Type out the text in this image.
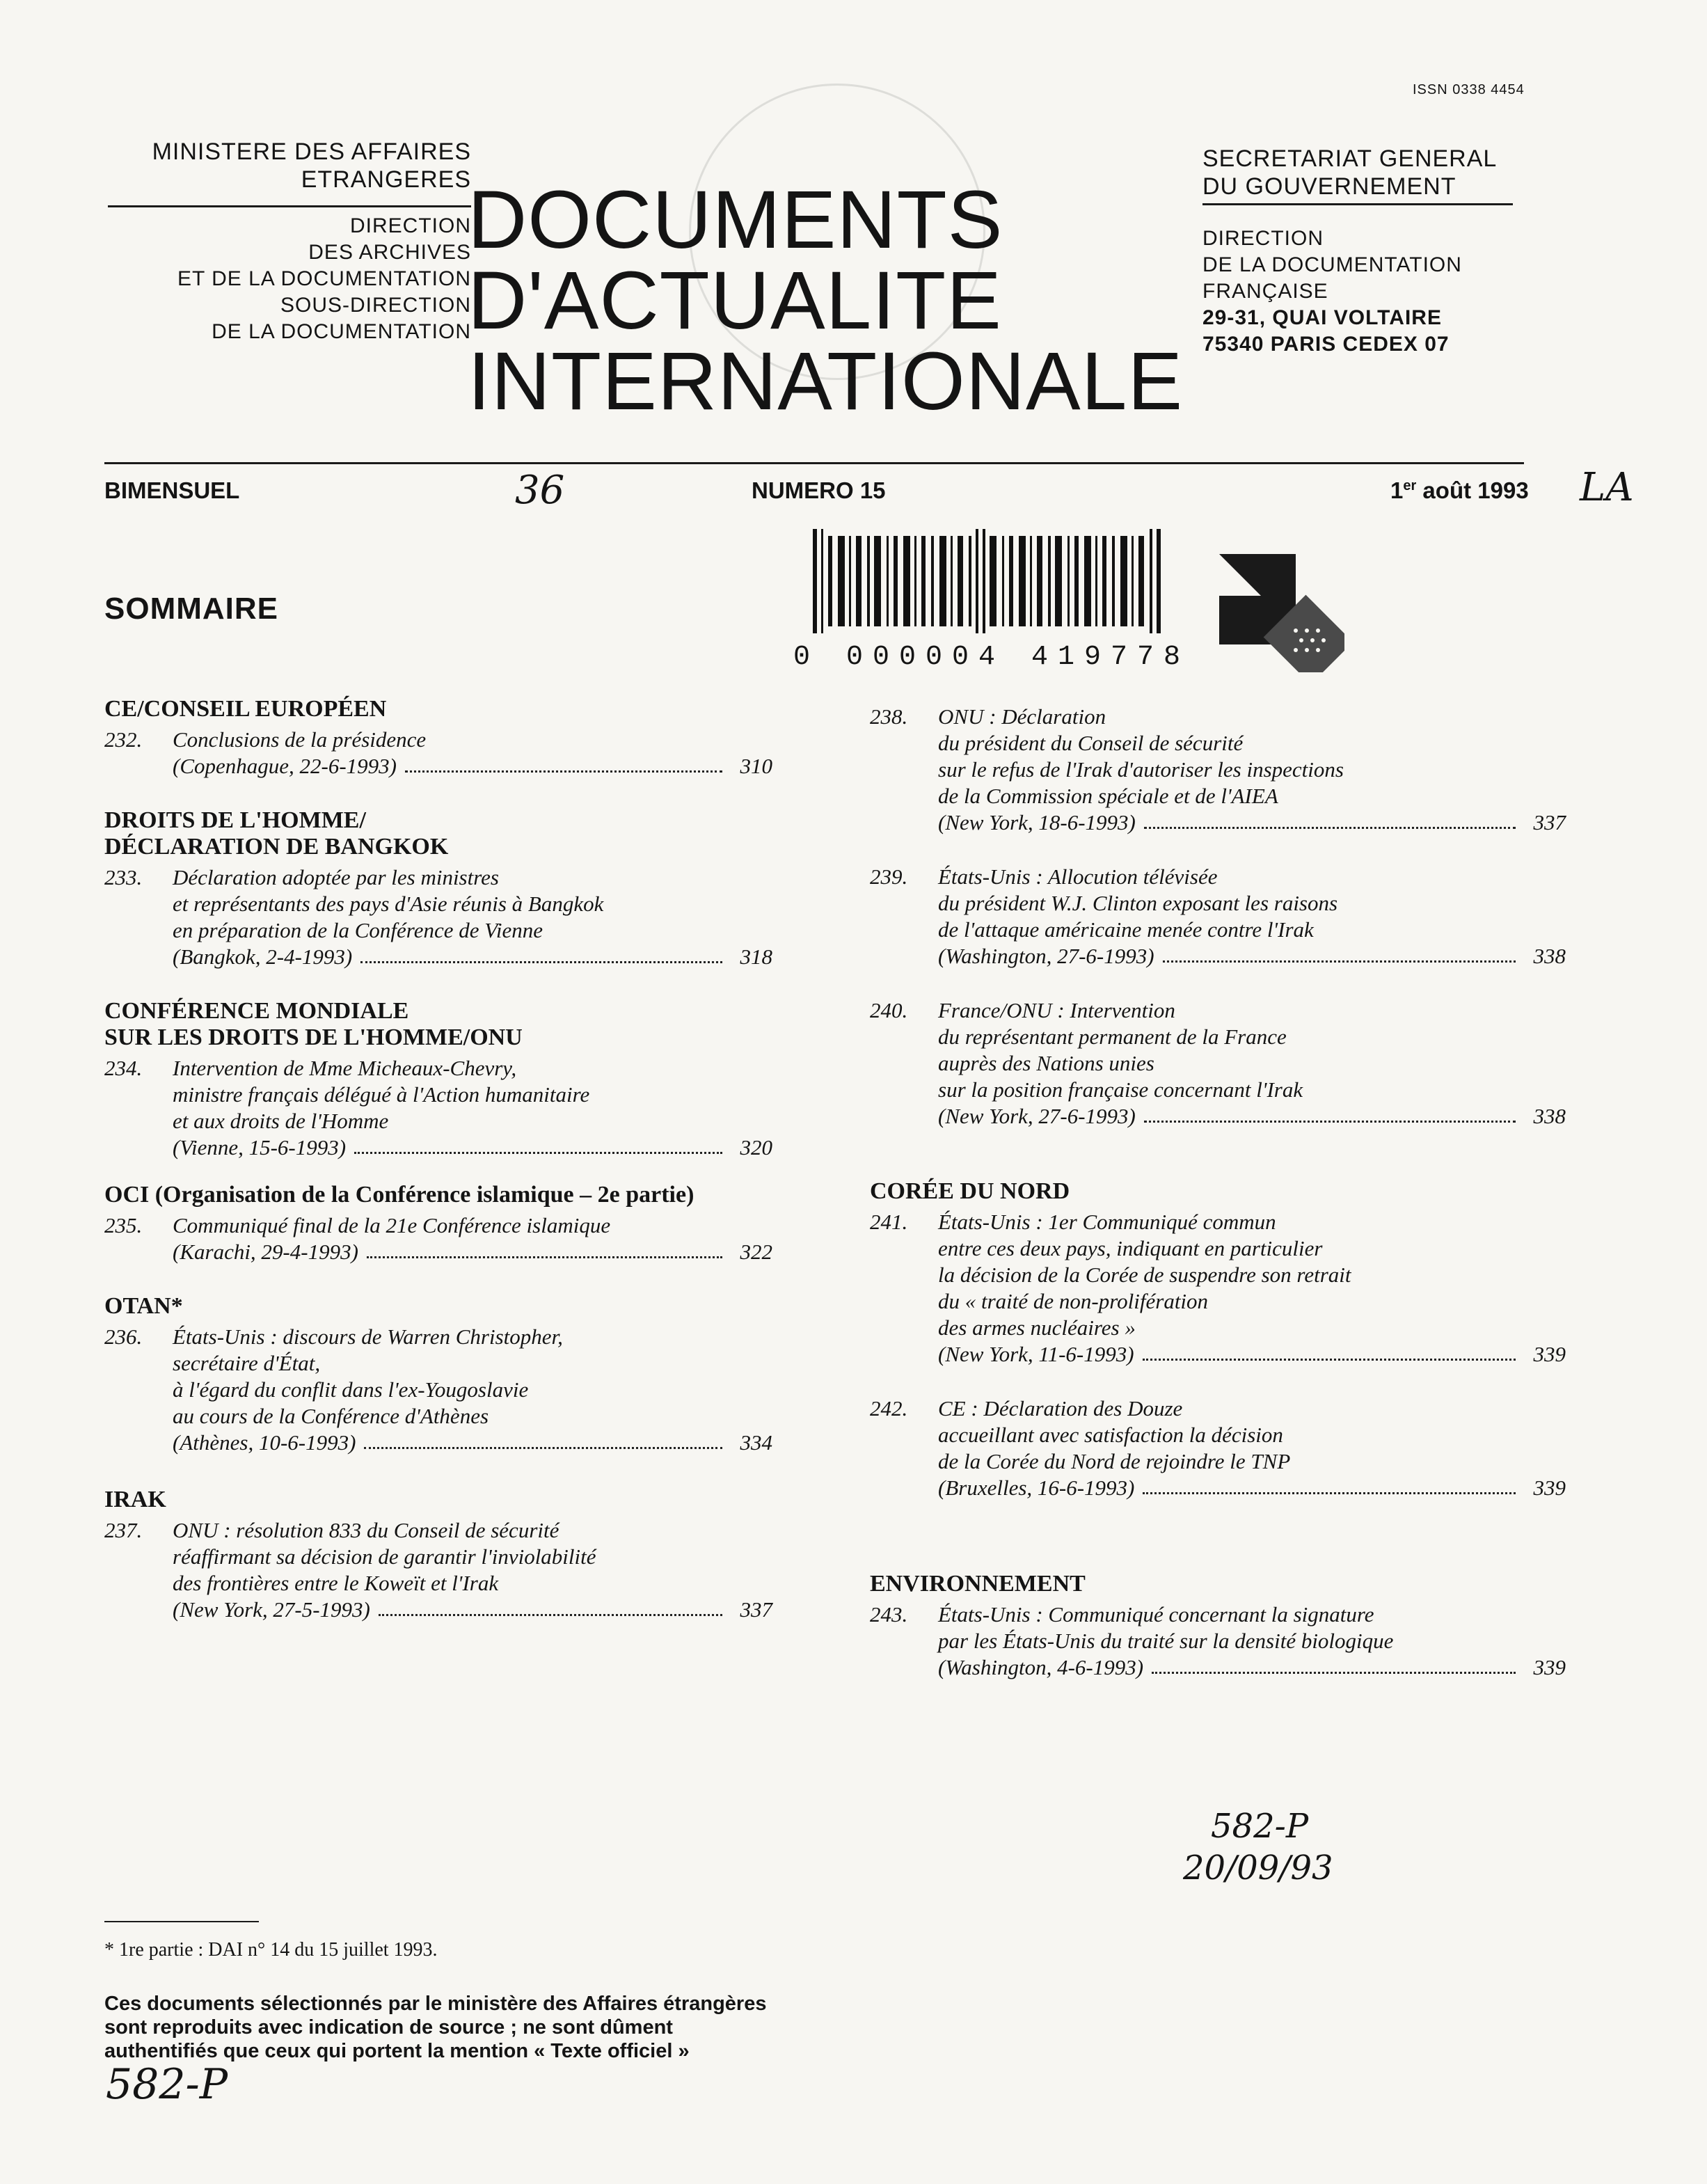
ISSN 0338 4454
MINISTERE DES AFFAIRES
ETRANGERES
DIRECTION
DES ARCHIVES
ET DE LA DOCUMENTATION
SOUS-DIRECTION
DE LA DOCUMENTATION
DOCUMENTS
D'ACTUALITE
INTERNATIONALE
SECRETARIAT GENERAL
DU GOUVERNEMENT
DIRECTION
DE LA DOCUMENTATION
FRANÇAISE
29-31, QUAI VOLTAIRE
75340 PARIS CEDEX 07
BIMENSUEL	36	NUMERO 15	1er août 1993 LA
0 000004 419778
SOMMAIRE
CE/CONSEIL EUROPÉEN
232.	Conclusions de la présidence
(Copenhague, 22-6-1993)	310
DROITS DE L'HOMME/
DÉCLARATION DE BANGKOK
233.	Déclaration adoptée par les ministres
et représentants des pays d'Asie réunis à Bangkok
en préparation de la Conférence de Vienne
(Bangkok, 2-4-1993)	318
CONFÉRENCE MONDIALE
SUR LES DROITS DE L'HOMME/ONU
234.	Intervention de Mme Micheaux-Chevry,
ministre français délégué à l'Action humanitaire
et aux droits de l'Homme
(Vienne, 15-6-1993)	320
OCI (Organisation de la Conférence islamique – 2e partie)
235.	Communiqué final de la 21e Conférence islamique
(Karachi, 29-4-1993)	322
OTAN*
236.	États-Unis : discours de Warren Christopher,
secrétaire d'État,
à l'égard du conflit dans l'ex-Yougoslavie
au cours de la Conférence d'Athènes
(Athènes, 10-6-1993)	334
IRAK
237.	ONU : résolution 833 du Conseil de sécurité
réaffirmant sa décision de garantir l'inviolabilité
des frontières entre le Koweït et l'Irak
(New York, 27-5-1993)	337
238.	ONU : Déclaration
du président du Conseil de sécurité
sur le refus de l'Irak d'autoriser les inspections
de la Commission spéciale et de l'AIEA
(New York, 18-6-1993)	337
239.	États-Unis : Allocution télévisée
du président W.J. Clinton exposant les raisons
de l'attaque américaine menée contre l'Irak
(Washington, 27-6-1993)	338
240.	France/ONU : Intervention
du représentant permanent de la France
auprès des Nations unies
sur la position française concernant l'Irak
(New York, 27-6-1993)	338
CORÉE DU NORD
241.	États-Unis : 1er Communiqué commun
entre ces deux pays, indiquant en particulier
la décision de la Corée de suspendre son retrait
du « traité de non-prolifération
des armes nucléaires »
(New York, 11-6-1993)	339
242.	CE : Déclaration des Douze
accueillant avec satisfaction la décision
de la Corée du Nord de rejoindre le TNP
(Bruxelles, 16-6-1993)	339
ENVIRONNEMENT
243.	États-Unis : Communiqué concernant la signature
par les États-Unis du traité sur la densité biologique
(Washington, 4-6-1993)	339
* 1re partie : DAI n° 14 du 15 juillet 1993.
Ces documents sélectionnés par le ministère des Affaires étrangères sont reproduits avec indication de source ; ne sont dûment authentifiés que ceux qui portent la mention « Texte officiel »
582-P
582-P
20/09/93
